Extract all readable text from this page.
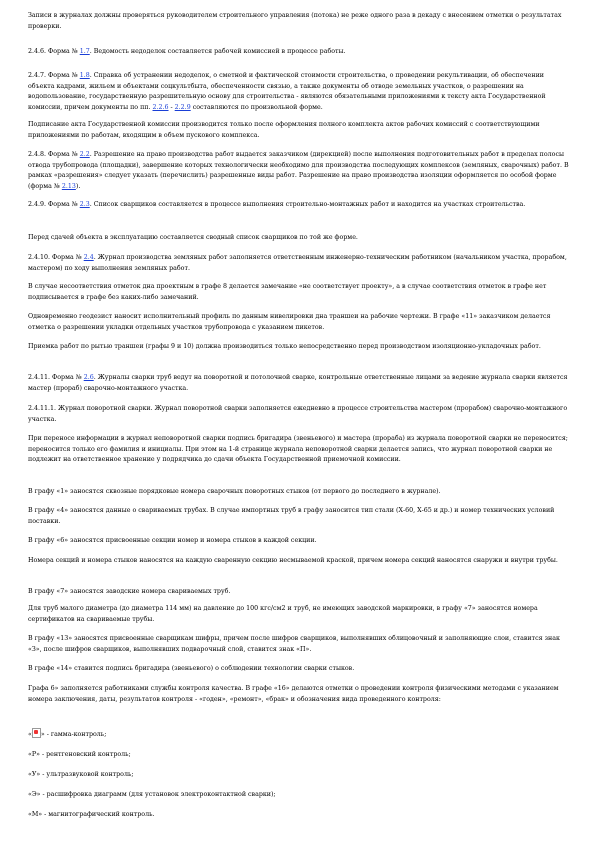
Записи в журналах должны проверяться руководителем строительного управления (потока) не реже одного раза в декаду с внесением отметки о результатах проверки.

2.4.6. Форма № 1.7. Ведомость недоделок составляется рабочей комиссией в процессе работы.

2.4.7. Форма № 1.8. Справка об устранении недоделок, о сметной и фактической стоимости строительства, о проведении рекультивации, об обеспечении объекта кадрами, жильем и объектами соцкультбыта, обеспеченности связью, а также документы об отводе земельных участков, о разрешении на водопользование, государственную разрешительную основу для строительства - являются обязательными приложениями к тексту акта Государственной комиссии, причем документы по пп. 2.2.6 - 2.2.9 составляются по произвольной форме.

Подписание акта Государственной комиссии производится только после оформления полного комплекта актов рабочих комиссий с соответствующими приложениями по работам, входящим в объем пускового комплекса.

2.4.8. Форма № 2.2. Разрешение на право производства работ выдается заказчиком (дирекцией) после выполнения подготовительных работ в пределах полосы отвода трубопровода (площадки), завершение которых технологически необходимо для производства последующих комплексов (земляных, сварочных) работ. В рамках «разрешения» следует указать (перечислить) разрешенные виды работ. Разрешение на право производства изоляции оформляется по особой форме (форма № 2.13).

2.4.9. Форма № 2.3. Список сварщиков составляется в процессе выполнения строительно-монтажных работ и находится на участках строительства.

Перед сдачей объекта в эксплуатацию составляется сводный список сварщиков по той же форме.

2.4.10. Форма № 2.4. Журнал производства земляных работ заполняется ответственным инженерно-техническим работником (начальником участка, прорабом, мастером) по ходу выполнения земляных работ.

В случае несоответствия отметок дна проектным в графе 8 делается замечание «не соответствует проекту», а в случае соответствия отметок в графе нет подписывается в графе без каких-либо замечаний.

Одновременно геодезист наносит исполнительный профиль по данным нивелировки дна траншеи на рабочие чертежи. В графе «11» заказчиком делается отметка о разрешении укладки отдельных участков трубопровода с указанием пикетов.

Приемка работ по рытью траншеи (графы 9 и 10) должна производиться только непосредственно перед производством изоляционно-укладочных работ.

2.4.11. Форма № 2.6. Журналы сварки труб ведут на поворотной и потолочной сварке, контрольные ответственные лицами за ведение журнала сварки является мастер (прораб) сварочно-монтажного участка.

2.4.11.1. Журнал поворотной сварки. Журнал поворотной сварки заполняется ежедневно в процессе строительства мастером (прорабом) сварочно-монтажного участка.

При переносе информации в журнал неповоротной сварки подпись бригадира (звеньевого) и мастера (прораба) из журнала поворотной сварки не переносится; переносится только его фамилия и инициалы. При этом на 1-й странице журнала неповоротной сварки делается запись, что журнал поворотной сварки не подлежит на ответственное хранение у подрядчика до сдачи объекта Государственной приемочной комиссии.

В графу «1» заносятся сквозные порядковые номера сварочных поворотных стыков (от первого до последнего в журнале).

В графу «4» заносятся данные о свариваемых трубах. В случае импортных труб в графу заносится тип стали (Х-60, Х-65 и др.) и номер технических условий поставки.

В графу «6» заносятся присвоенные секции номер и номера стыков в каждой секции.

Номера секций и номера стыков наносятся на каждую сваренную секцию несмываемой краской, причем номера секций наносятся снаружи и внутри трубы.

В графу «7» заносятся заводские номера свариваемых труб.

Для труб малого диаметра (до диаметра 114 мм) на давление до 100 кгс/см2 и труб, не имеющих заводской маркировки, в графу «7» заносятся номера сертификатов на свариваемые трубы.

В графу «13» заносятся присвоенные сварщикам шифры, причем после шифров сварщиков, выполнявших облицовочный и заполняющие слои, ставится знак «З», после шифров сварщиков, выполнявших подварочный слой, ставится знак «П».

В графе «14» ставится подпись бригадира (звеньевого) о соблюдении технологии сварки стыков.

Графа 6» заполняется работниками службы контроля качества. В графе «16» делаются отметки о проведении контроля физическими методами с указанием номера заключения, даты, результатов контроля - «годен», «ремонт», «брак» и обозначения вида проведенного контроля:

« » - гамма-контроль;

«Р» - рентгеновский контроль;

«У» - ультразвуковой контроль;

«Э» - расшифровка диаграмм (для установок электроконтактной сварки);

«М» - магнитографический контроль.
